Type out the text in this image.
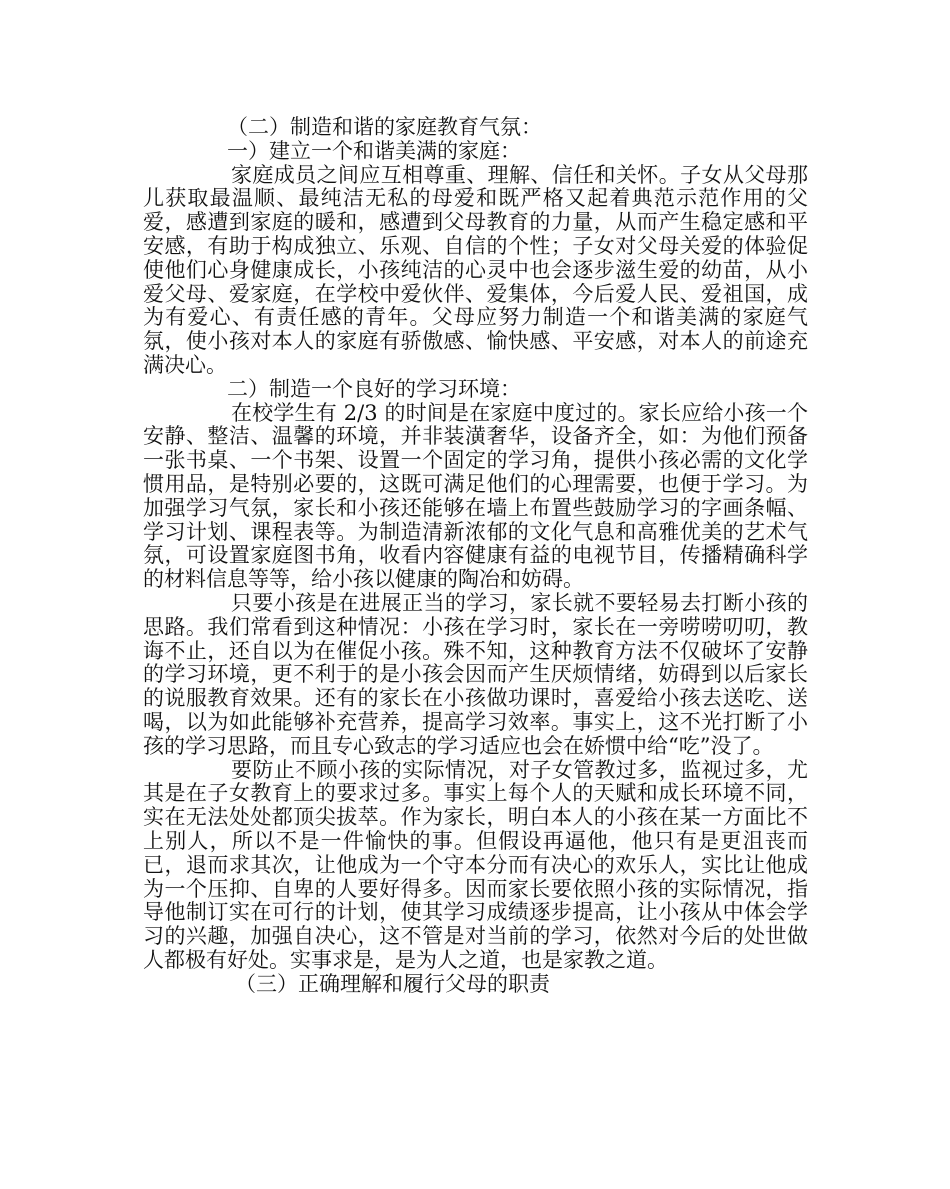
（二）制造和谐的家庭教育气氛：

一）建立一个和谐美满的家庭：

家庭成员之间应互相尊重、理解、信任和关怀。子女从父母那儿获取最温顺、最纯洁无私的母爱和既严格又起着典范示范作用的父爱，感遭到家庭的暖和，感遭到父母教育的力量，从而产生稳定感和平安感，有助于构成独立、乐观、自信的个性；子女对父母关爱的体验促使他们心身健康成长，小孩纯洁的心灵中也会逐步滋生爱的幼苗，从小爱父母、爱家庭，在学校中爱伙伴、爱集体，今后爱人民、爱祖国，成为有爱心、有责任感的青年。父母应努力制造一个和谐美满的家庭气氛，使小孩对本人的家庭有骄傲感、愉快感、平安感，对本人的前途充满决心。

二）制造一个良好的学习环境：

在校学生有 2/3 的时间是在家庭中度过的。家长应给小孩一个安静、整洁、温馨的环境，并非装潢奢华，设备齐全，如：为他们预备一张书桌、一个书架、设置一个固定的学习角，提供小孩必需的文化学惯用品，是特别必要的，这既可满足他们的心理需要，也便于学习。为加强学习气氛，家长和小孩还能够在墙上布置些鼓励学习的字画条幅、学习计划、课程表等。为制造清新浓郁的文化气息和高雅优美的艺术气氛，可设置家庭图书角，收看内容健康有益的电视节目，传播精确科学的材料信息等等，给小孩以健康的陶冶和妨碍。

只要小孩是在进展正当的学习，家长就不要轻易去打断小孩的思路。我们常看到这种情况：小孩在学习时，家长在一旁唠唠叨叨，教诲不止，还自以为在催促小孩。殊不知，这种教育方法不仅破坏了安静的学习环境，更不利于的是小孩会因而产生厌烦情绪，妨碍到以后家长的说服教育效果。还有的家长在小孩做功课时，喜爱给小孩去送吃、送喝，以为如此能够补充营养，提高学习效率。事实上，这不光打断了小孩的学习思路，而且专心致志的学习适应也会在娇惯中给“吃”没了。

要防止不顾小孩的实际情况，对子女管教过多，监视过多，尤其是在子女教育上的要求过多。事实上每个人的天赋和成长环境不同，实在无法处处都顶尖拔萃。作为家长，明白本人的小孩在某一方面比不上别人，所以不是一件愉快的事。但假设再逼他，他只有是更沮丧而已，退而求其次，让他成为一个守本分而有决心的欢乐人，实比让他成为一个压抑、自卑的人要好得多。因而家长要依照小孩的实际情况，指导他制订实在可行的计划，使其学习成绩逐步提高，让小孩从中体会学习的兴趣，加强自决心，这不管是对当前的学习，依然对今后的处世做人都极有好处。实事求是，是为人之道，也是家教之道。

（三）正确理解和履行父母的职责
